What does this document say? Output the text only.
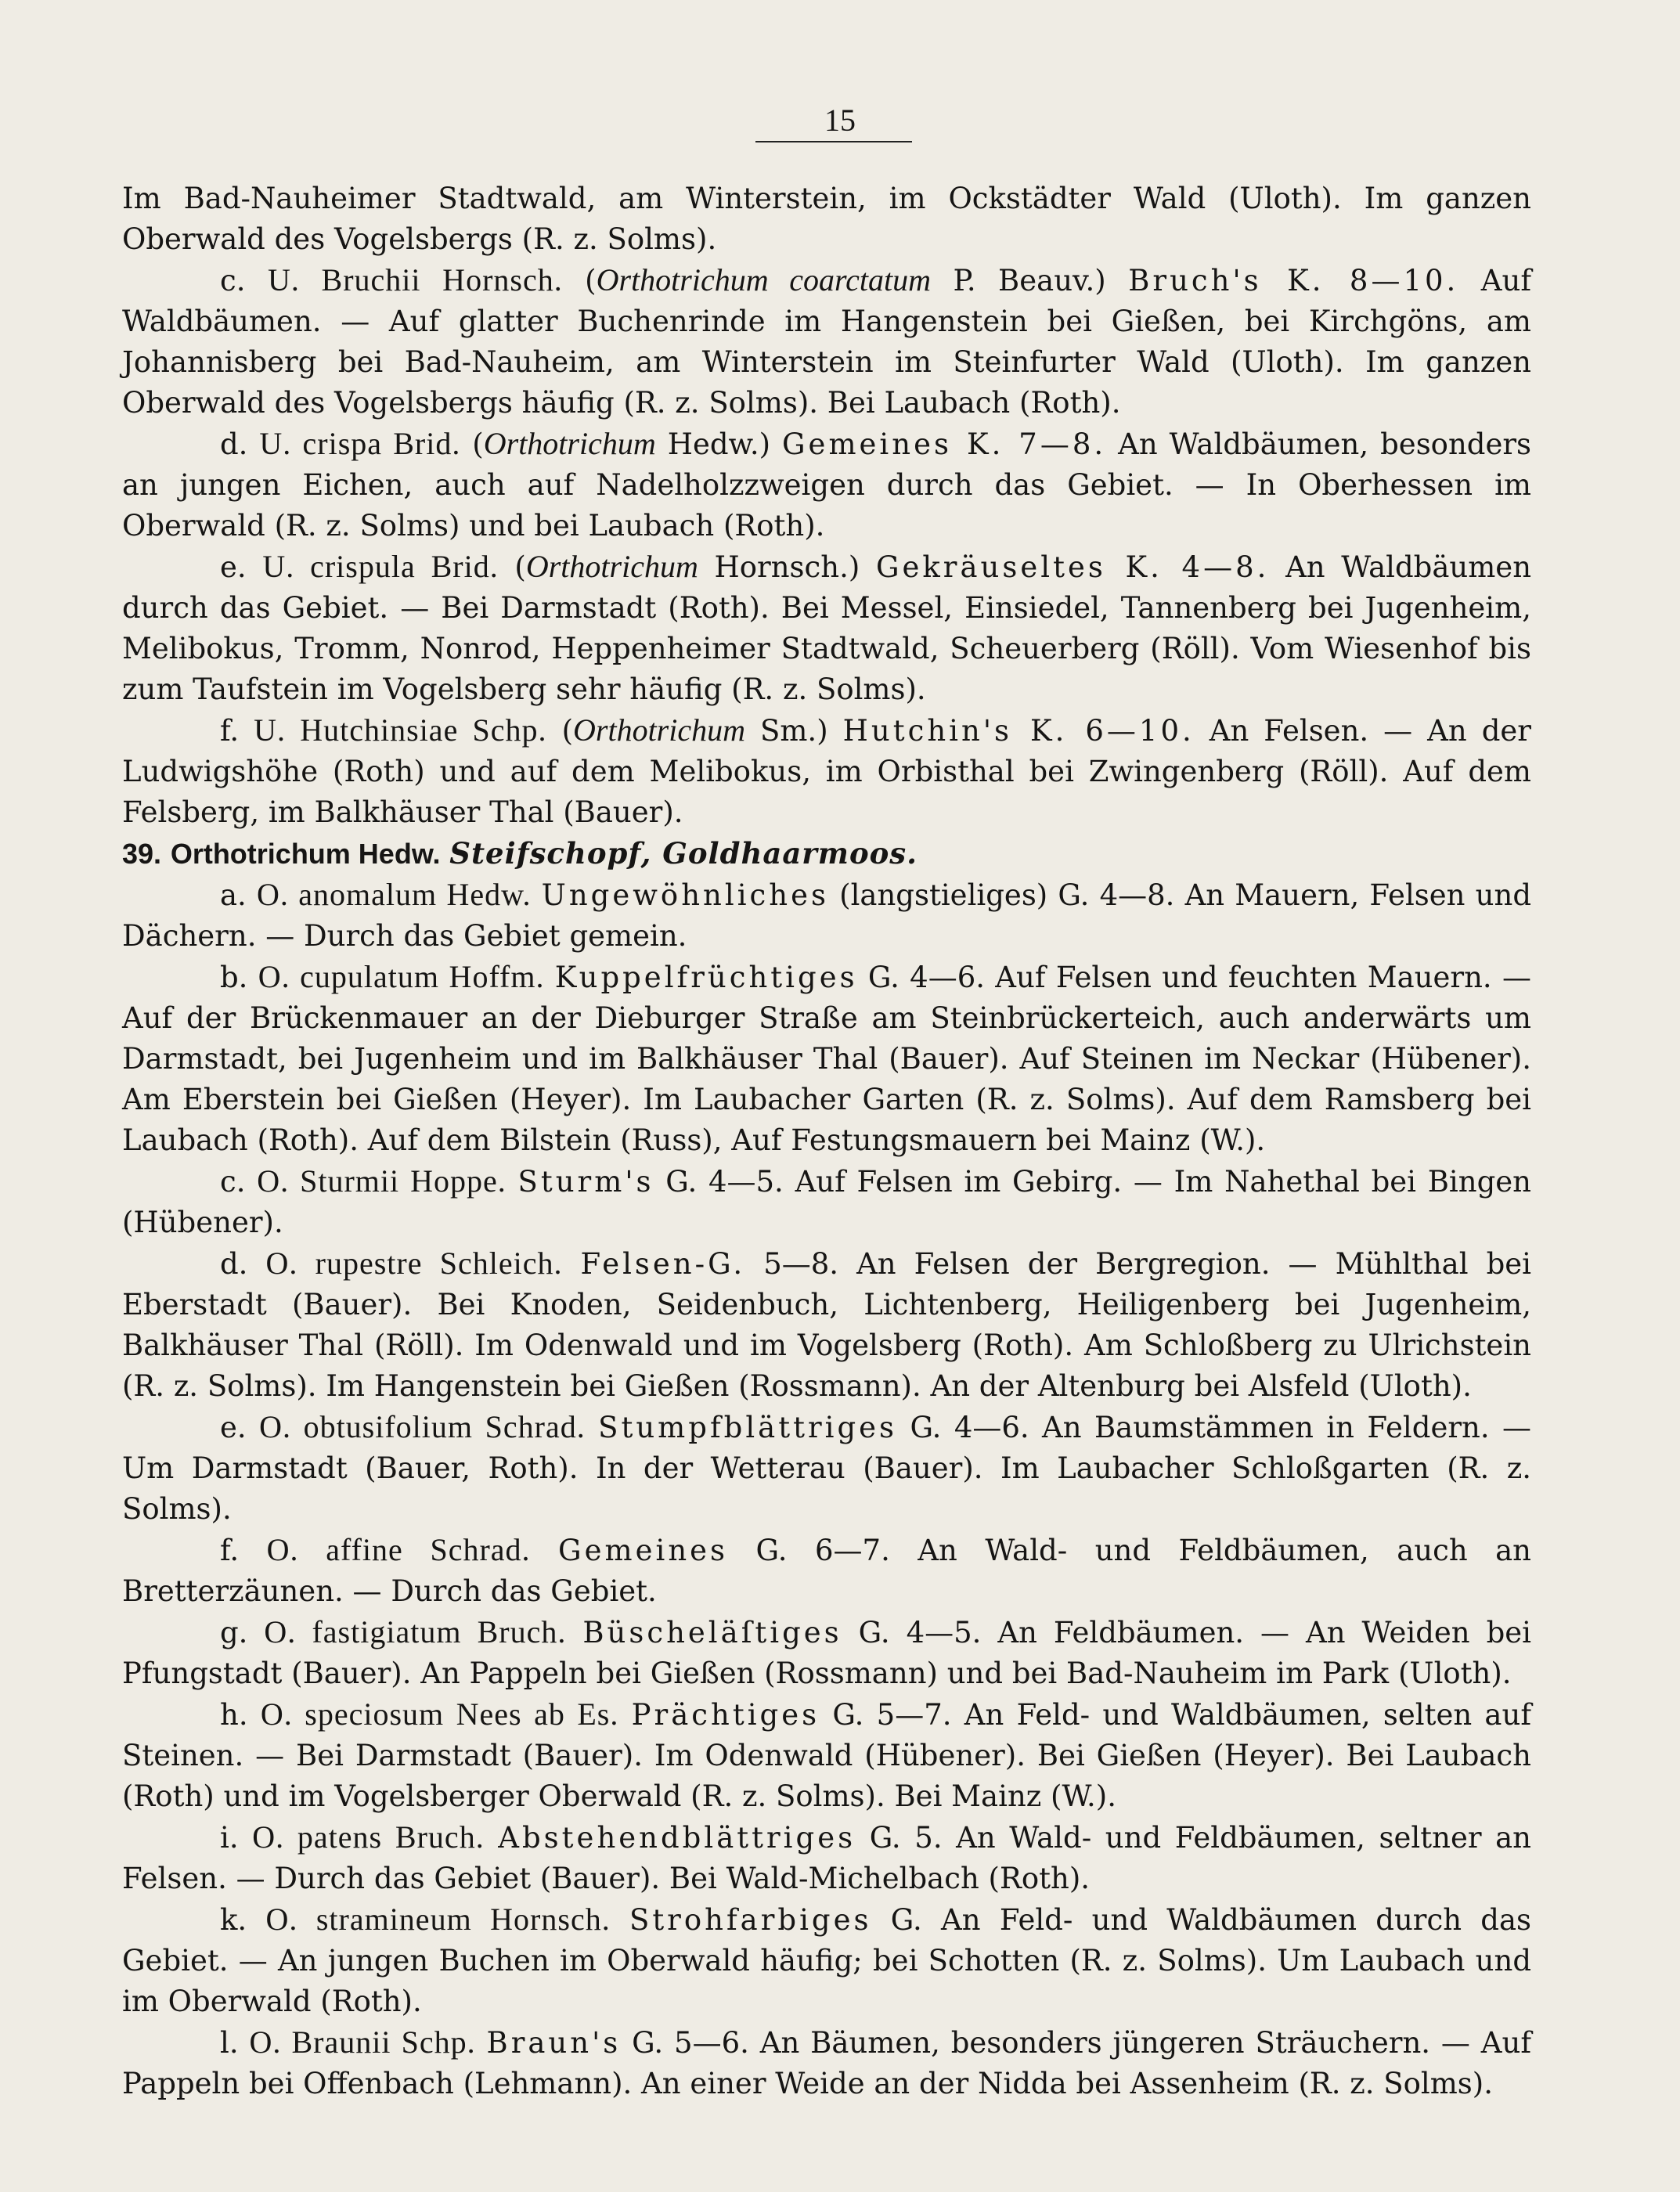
15

Im Bad-Nauheimer Stadtwald, am Winterstein, im Ockstädter Wald (Uloth). Im ganzen Oberwald des Vogelsbergs (R. z. Solms).

c. U. Bruchii Hornsch. (Orthotrichum coarctatum P. Beauv.) Bruch's K. 8—10. Auf Waldbäumen. — Auf glatter Buchenrinde im Hangenstein bei Gießen, bei Kirchgöns, am Johannisberg bei Bad-Nauheim, am Winterstein im Steinfurter Wald (Uloth). Im ganzen Oberwald des Vogelsbergs häufig (R. z. Solms). Bei Laubach (Roth).

d. U. crispa Brid. (Orthotrichum Hedw.) Gemeines K. 7—8. An Waldbäumen, besonders an jungen Eichen, auch auf Nadelholzzweigen durch das Gebiet. — In Oberhessen im Oberwald (R. z. Solms) und bei Laubach (Roth).

e. U. crispula Brid. (Orthotrichum Hornsch.) Gekräuseltes K. 4—8. An Waldbäumen durch das Gebiet. — Bei Darmstadt (Roth). Bei Messel, Einsiedel, Tannenberg bei Jugenheim, Melibokus, Tromm, Nonrod, Heppenheimer Stadtwald, Scheuerberg (Röll). Vom Wiesenhof bis zum Taufstein im Vogelsberg sehr häufig (R. z. Solms).

f. U. Hutchinsiae Schp. (Orthotrichum Sm.) Hutchin's K. 6—10. An Felsen. — An der Ludwigshöhe (Roth) und auf dem Melibokus, im Orbisthal bei Zwingenberg (Röll). Auf dem Felsberg, im Balkhäuser Thal (Bauer).

39. Orthotrichum Hedw. Steifschopf, Goldhaarmoos.

a. O. anomalum Hedw. Ungewöhnliches (langstieliges) G. 4—8. An Mauern, Felsen und Dächern. — Durch das Gebiet gemein.

b. O. cupulatum Hoffm. Kuppelfrüchtiges G. 4—6. Auf Felsen und feuchten Mauern. — Auf der Brückenmauer an der Dieburger Straße am Steinbrückerteich, auch anderwärts um Darmstadt, bei Jugenheim und im Balkhäuser Thal (Bauer). Auf Steinen im Neckar (Hübener). Am Eberstein bei Gießen (Heyer). Im Laubacher Garten (R. z. Solms). Auf dem Ramsberg bei Laubach (Roth). Auf dem Bilstein (Russ), Auf Festungsmauern bei Mainz (W.).

c. O. Sturmii Hoppe. Sturm's G. 4—5. Auf Felsen im Gebirg. — Im Nahethal bei Bingen (Hübener).

d. O. rupestre Schleich. Felsen-G. 5—8. An Felsen der Bergregion. — Mühlthal bei Eberstadt (Bauer). Bei Knoden, Seidenbuch, Lichtenberg, Heiligenberg bei Jugenheim, Balkhäuser Thal (Röll). Im Odenwald und im Vogelsberg (Roth). Am Schloßberg zu Ulrichstein (R. z. Solms). Im Hangenstein bei Gießen (Rossmann). An der Altenburg bei Alsfeld (Uloth).

e. O. obtusifolium Schrad. Stumpfblättriges G. 4—6. An Baumstämmen in Feldern. — Um Darmstadt (Bauer, Roth). In der Wetterau (Bauer). Im Laubacher Schloßgarten (R. z. Solms).

f. O. affine Schrad. Gemeines G. 6—7. An Wald- und Feldbäumen, auch an Bretterzäunen. — Durch das Gebiet.

g. O. fastigiatum Bruch. Büscheläſtiges G. 4—5. An Feldbäumen. — An Weiden bei Pfungstadt (Bauer). An Pappeln bei Gießen (Rossmann) und bei Bad-Nauheim im Park (Uloth).

h. O. speciosum Nees ab Es. Prächtiges G. 5—7. An Feld- und Waldbäumen, selten auf Steinen. — Bei Darmstadt (Bauer). Im Odenwald (Hübener). Bei Gießen (Heyer). Bei Laubach (Roth) und im Vogelsberger Oberwald (R. z. Solms). Bei Mainz (W.).

i. O. patens Bruch. Abstehendblättriges G. 5. An Wald- und Feldbäumen, seltner an Felsen. — Durch das Gebiet (Bauer). Bei Wald-Michelbach (Roth).

k. O. stramineum Hornsch. Strohfarbiges G. An Feld- und Waldbäumen durch das Gebiet. — An jungen Buchen im Oberwald häufig; bei Schotten (R. z. Solms). Um Laubach und im Oberwald (Roth).

l. O. Braunii Schp. Braun's G. 5—6. An Bäumen, besonders jüngeren Sträuchern. — Auf Pappeln bei Offenbach (Lehmann). An einer Weide an der Nidda bei Assenheim (R. z. Solms).
